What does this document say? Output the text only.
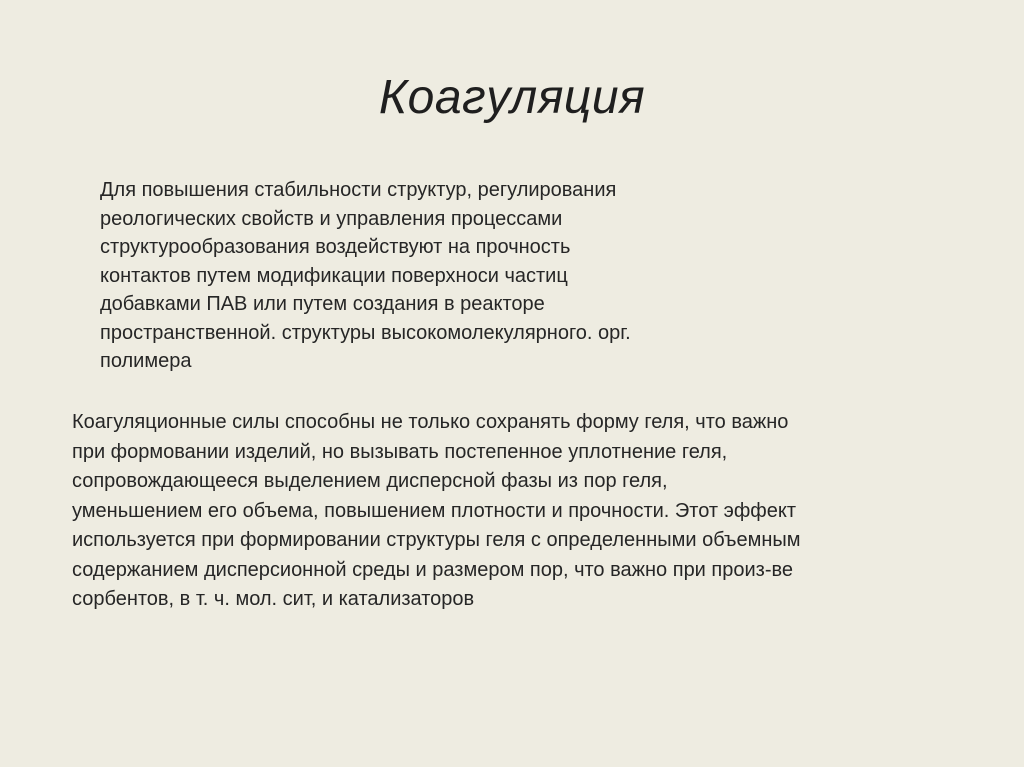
Коагуляция

Для повышения стабильности структур, регулирования
реологических свойств и управления процессами
структурообразования воздействуют на прочность
контактов путем модификации поверхноси частиц
добавками ПАВ или путем создания в реакторе
пространственной. структуры высокомолекулярного. орг.
полимера

Коагуляционные силы способны не только сохранять форму геля, что важно
при формовании изделий, но вызывать постепенное уплотнение геля,
сопровождающееся выделением дисперсной фазы из пор геля,
уменьшением его объема, повышением плотности и прочности. Этот эффект
используется при формировании структуры геля с определенными объемным
содержанием дисперсионной среды и размером пор, что важно при произ-ве
сорбентов, в т. ч. мол. сит, и катализаторов
